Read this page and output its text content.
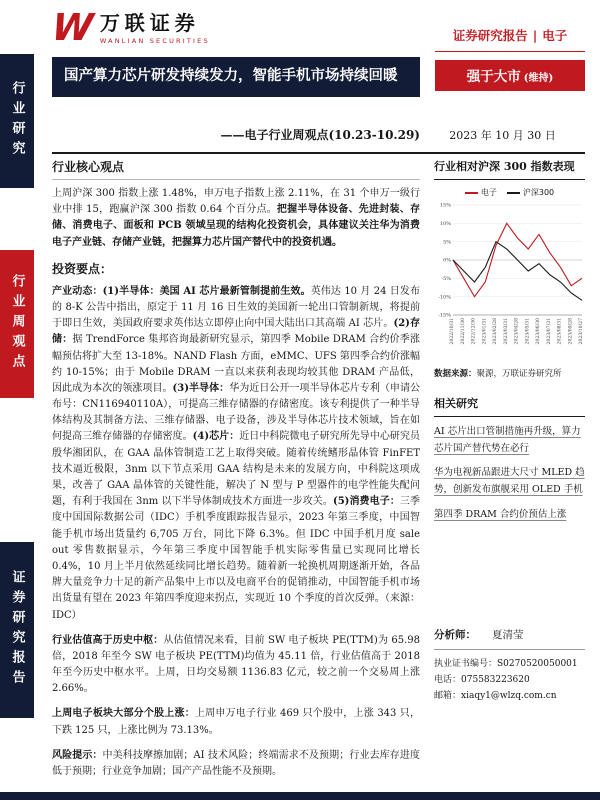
行业研究
行业周观点
证券研究报告
W 万联证券
WANLIAN SECURITIES	证券研究报告 | 电子
国产算力芯片研发持续发力，智能手机市场持续回暖	强于大市 (维持)
——电子行业周观点(10.23-10.29)	2023 年 10 月 30 日
行业核心观点

上周沪深 300 指数上涨 1.48%，申万电子指数上涨 2.11%，在 31 个申万一级行业中排 15，跑赢沪深 300 指数 0.64 个百分点。把握半导体设备、先进封装、存储、消费电子、面板和 PCB 领域呈现的结构化投资机会，具体建议关注华为消费电子产业链、存储产业链，把握算力芯片国产替代中的投资机遇。

投资要点：

产业动态：(1)半导体：美国 AI 芯片最新管制提前生效。英伟达 10 月 24 日发布的 8-K 公告中指出，原定于 11 月 16 日生效的美国新一轮出口管制新规，将提前于即日生效，美国政府要求英伟达立即停止向中国大陆出口其高端 AI 芯片。(2)存储：据 TrendForce 集邦咨询最新研究显示，第四季 Mobile DRAM 合约价季涨幅预估将扩大至 13-18%。NAND Flash 方面，eMMC、UFS 第四季合约价涨幅约 10-15%；由于 Mobile DRAM 一直以来获利表现均较其他 DRAM 产品低，因此成为本次的领涨项目。(3)半导体：华为近日公开一项半导体芯片专利（申请公布号：CN116940110A），可提高三维存储器的存储密度。该专利提供了一种半导体结构及其制备方法、三维存储器、电子设备，涉及半导体芯片技术领域，旨在如何提高三维存储器的存储密度。(4)芯片：近日中科院微电子研究所先导中心研究员殷华湘团队，在 GAA 晶体管制造工艺上取得突破。随着传统鳍形晶体管 FinFET 技术逼近极限，3nm 以下节点采用 GAA 结构是未来的发展方向，中科院这项成果，改善了 GAA 晶体管的关键性能，解决了 N 型与 P 型器件的电学性能失配问题，有利于我国在 3nm 以下半导体制成技术方面进一步攻关。(5)消费电子：三季度中国国际数据公司（IDC）手机季度跟踪报告显示，2023 年第三季度，中国智能手机市场出货量约 6,705 万台，同比下降 6.3%。但 IDC 中国手机月度 sale out 零售数据显示，今年第三季度中国智能手机实际零售量已实现同比增长 0.4%，10 月上半月依然延续同比增长趋势。随着新一轮换机周期逐渐开始，各品牌大量竞争力十足的新产品集中上市以及电商平台的促销推动，中国智能手机市场出货量有望在 2023 年第四季度迎来拐点，实现近 10 个季度的首次反弹。（来源：IDC）

行业估值高于历史中枢：从估值情况来看，目前 SW 电子板块 PE(TTM)为 65.98 倍，2018 年至今 SW 电子板块 PE(TTM)均值为 45.11 倍，行业估值高于 2018 年至今历史中枢水平。上周，日均交易额 1136.83 亿元，较之前一个交易周上涨 2.66%。

上周电子板块大部分个股上涨：上周申万电子行业 469 只个股中，上涨 343 只，下跌 125 只，上涨比例为 73.13%。

风险提示：中美科技摩擦加剧；AI 技术风险；终端需求不及预期；行业去库存进度低于预期；行业竞争加剧；国产产品性能不及预期。

行业相对沪深 300 指数表现
电子	沪深300
15%
10%
5%
0%
-5%
-10%
-15%
2022/10/31 2022/11/30 2022/12/30 2023/01/31 2023/02/28 2023/03/31 2023/04/28 2023/05/31 2023/06/30 2023/07/31 2023/08/31 2023/09/28 2023/10/27
数据来源：聚源，万联证券研究所
相关研究
AI 芯片出口管制措施再升级，算力芯片国产替代势在必行
华为电视新品跟进大尺寸 MLED 趋势，创新发布旗舰采用 OLED 手机
第四季 DRAM 合约价预估上涨
分析师： 夏清莹
执业证书编号：S0270520050001
电话：075583223620
邮箱：xiaqy1@wlzq.com.cn
